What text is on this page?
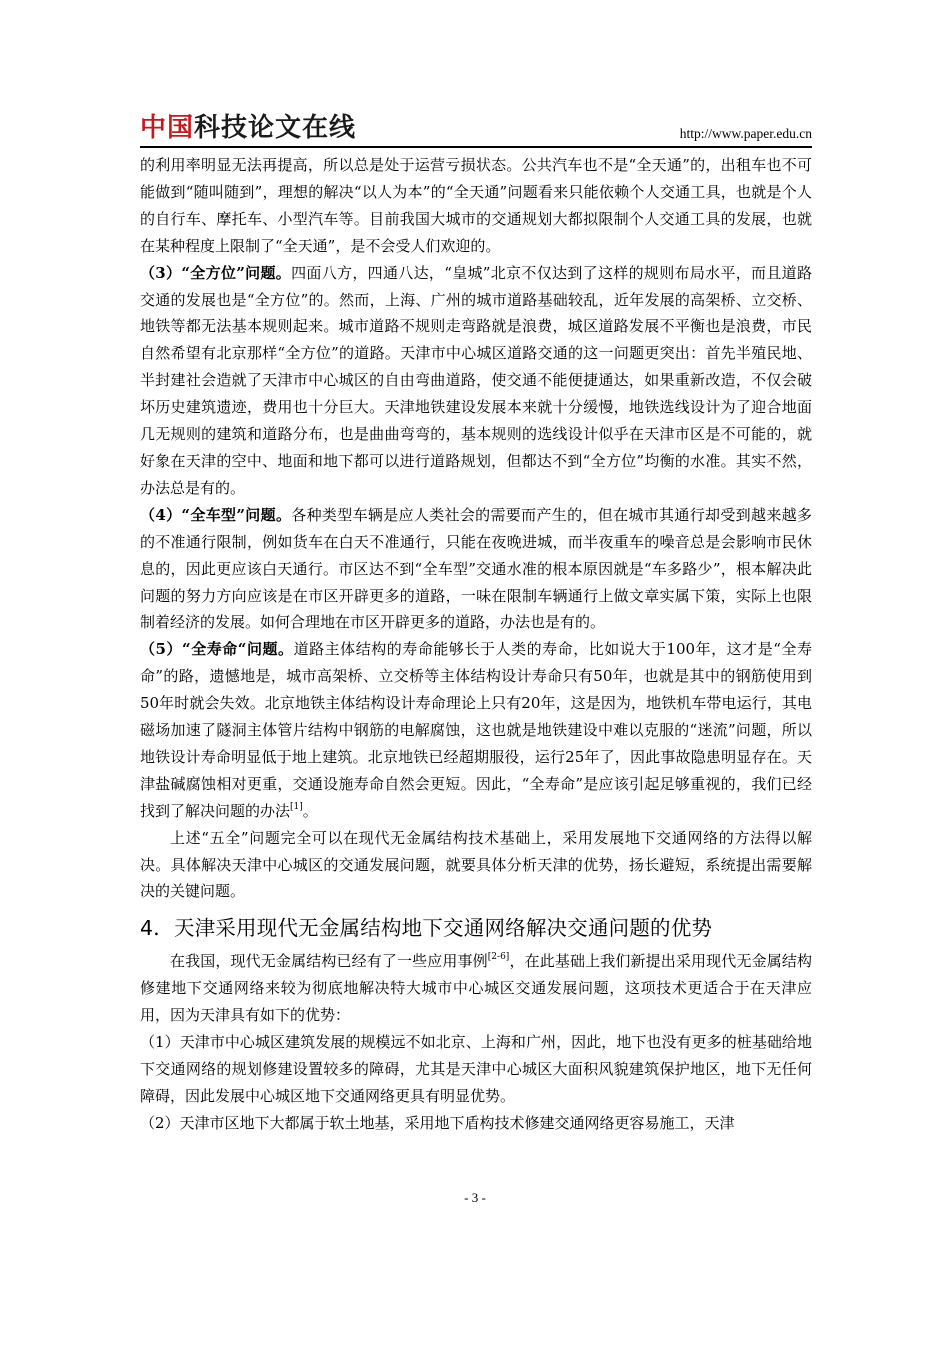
中国科技论文在线	http://www.paper.edu.cn

的利用率明显无法再提高，所以总是处于运营亏损状态。公共汽车也不是“全天通”的，出租车也不可能做到“随叫随到”，理想的解决“以人为本”的“全天通”问题看来只能依赖个人交通工具，也就是个人的自行车、摩托车、小型汽车等。目前我国大城市的交通规划大都拟限制个人交通工具的发展，也就在某种程度上限制了“全天通”，是不会受人们欢迎的。

（3）“全方位”问题。四面八方，四通八达，“皇城”北京不仅达到了这样的规则布局水平，而且道路交通的发展也是“全方位”的。然而，上海、广州的城市道路基础较乱，近年发展的高架桥、立交桥、地铁等都无法基本规则起来。城市道路不规则走弯路就是浪费，城区道路发展不平衡也是浪费，市民自然希望有北京那样“全方位”的道路。天津市中心城区道路交通的这一问题更突出：首先半殖民地、半封建社会造就了天津市中心城区的自由弯曲道路，使交通不能便捷通达，如果重新改造，不仅会破坏历史建筑遗迹，费用也十分巨大。天津地铁建设发展本来就十分缓慢，地铁选线设计为了迎合地面几无规则的建筑和道路分布，也是曲曲弯弯的，基本规则的选线设计似乎在天津市区是不可能的，就好象在天津的空中、地面和地下都可以进行道路规划，但都达不到“全方位”均衡的水准。其实不然，办法总是有的。

（4）“全车型”问题。各种类型车辆是应人类社会的需要而产生的，但在城市其通行却受到越来越多的不准通行限制，例如货车在白天不准通行，只能在夜晚进城，而半夜重车的噪音总是会影响市民休息的，因此更应该白天通行。市区达不到“全车型”交通水准的根本原因就是“车多路少”，根本解决此问题的努力方向应该是在市区开辟更多的道路，一味在限制车辆通行上做文章实属下策，实际上也限制着经济的发展。如何合理地在市区开辟更多的道路，办法也是有的。

（5）“全寿命“问题。道路主体结构的寿命能够长于人类的寿命，比如说大于100年，这才是“全寿命”的路，遗憾地是，城市高架桥、立交桥等主体结构设计寿命只有50年，也就是其中的钢筋使用到50年时就会失效。北京地铁主体结构设计寿命理论上只有20年，这是因为，地铁机车带电运行，其电磁场加速了隧洞主体管片结构中钢筋的电解腐蚀，这也就是地铁建设中难以克服的“迷流”问题，所以地铁设计寿命明显低于地上建筑。北京地铁已经超期服役，运行25年了，因此事故隐患明显存在。天津盐碱腐蚀相对更重，交通设施寿命自然会更短。因此，“全寿命”是应该引起足够重视的，我们已经找到了解决问题的办法[1]。

上述“五全”问题完全可以在现代无金属结构技术基础上，采用发展地下交通网络的方法得以解决。具体解决天津中心城区的交通发展问题，就要具体分析天津的优势，扬长避短，系统提出需要解决的关键问题。

4．天津采用现代无金属结构地下交通网络解决交通问题的优势

在我国，现代无金属结构已经有了一些应用事例[2-6]，在此基础上我们新提出采用现代无金属结构修建地下交通网络来较为彻底地解决特大城市中心城区交通发展问题，这项技术更适合于在天津应用，因为天津具有如下的优势：

（1）天津市中心城区建筑发展的规模远不如北京、上海和广州，因此，地下也没有更多的桩基础给地下交通网络的规划修建设置较多的障碍，尤其是天津中心城区大面积风貌建筑保护地区，地下无任何障碍，因此发展中心城区地下交通网络更具有明显优势。

（2）天津市区地下大都属于软土地基，采用地下盾构技术修建交通网络更容易施工，天津

- 3 -
